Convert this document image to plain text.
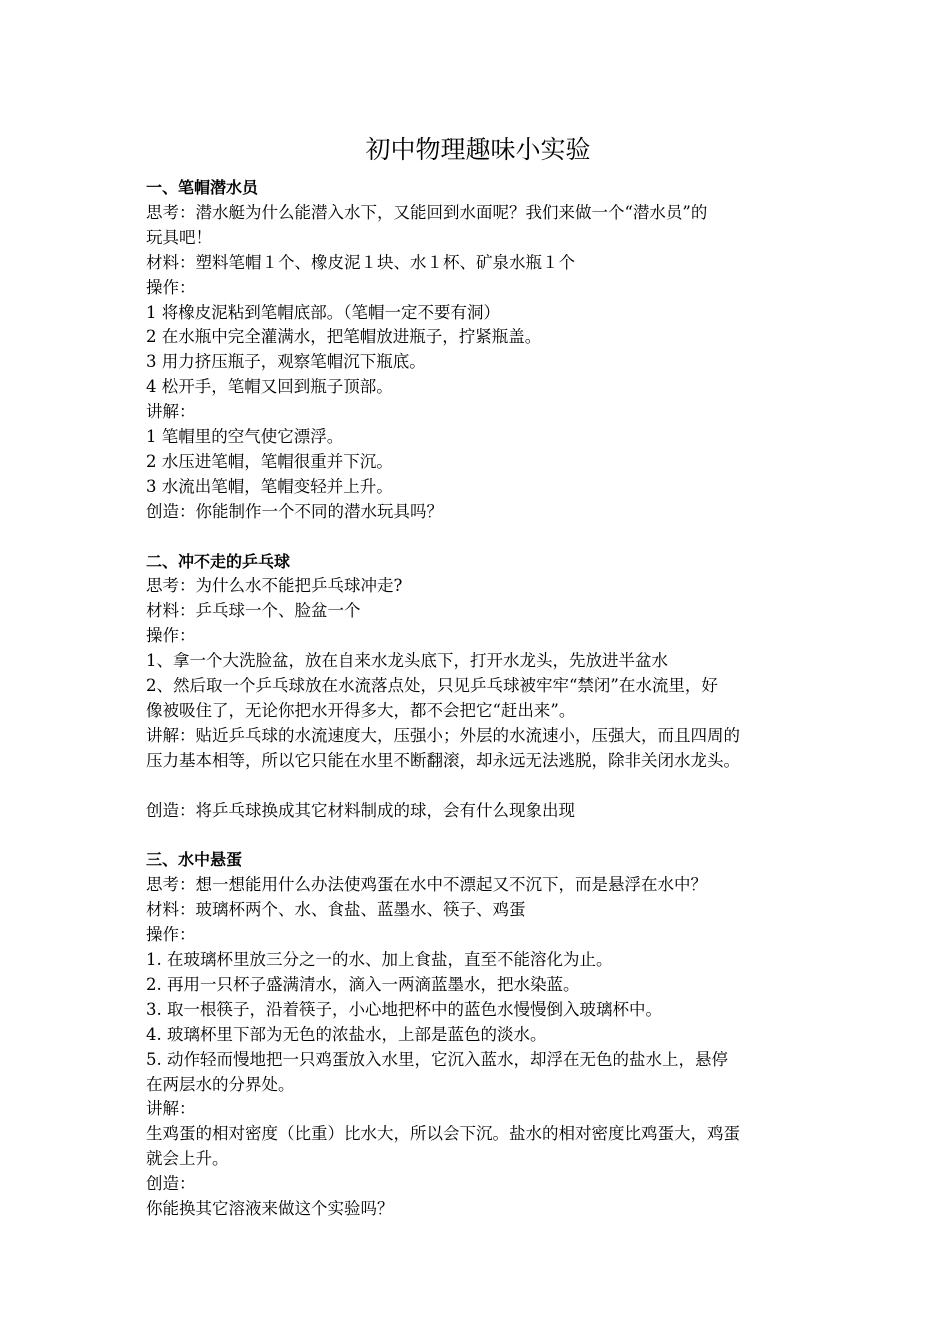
初中物理趣味小实验
一、笔帽潜水员
思考：潜水艇为什么能潜入水下，又能回到水面呢？我们来做一个“潜水员”的
玩具吧！
材料：塑料笔帽１个、橡皮泥１块、水１杯、矿泉水瓶１个
操作：
1 将橡皮泥粘到笔帽底部。（笔帽一定不要有洞）
2 在水瓶中完全灌满水，把笔帽放进瓶子，拧紧瓶盖。
3 用力挤压瓶子，观察笔帽沉下瓶底。
4 松开手，笔帽又回到瓶子顶部。
讲解：
1 笔帽里的空气使它漂浮。
2 水压进笔帽，笔帽很重并下沉。
3 水流出笔帽，笔帽变轻并上升。
创造：你能制作一个不同的潜水玩具吗？
二、冲不走的乒乓球
思考：为什么水不能把乒乓球冲走?
材料：乒乓球一个、脸盆一个
操作：
1、拿一个大洗脸盆，放在自来水龙头底下，打开水龙头，先放进半盆水
2、然后取一个乒乓球放在水流落点处，只见乒乓球被牢牢“禁闭”在水流里，好
像被吸住了，无论你把水开得多大，都不会把它“赶出来”。
讲解：贴近乒乓球的水流速度大，压强小；外层的水流速小，压强大，而且四周的
压力基本相等，所以它只能在水里不断翻滚，却永远无法逃脱，除非关闭水龙头。
创造：将乒乓球换成其它材料制成的球，会有什么现象出现
三、水中悬蛋
思考：想一想能用什么办法使鸡蛋在水中不漂起又不沉下，而是悬浮在水中？
材料：玻璃杯两个、水、食盐、蓝墨水、筷子、鸡蛋
操作：
1. 在玻璃杯里放三分之一的水、加上食盐，直至不能溶化为止。
2. 再用一只杯子盛满清水，滴入一两滴蓝墨水，把水染蓝。
3. 取一根筷子，沿着筷子，小心地把杯中的蓝色水慢慢倒入玻璃杯中。
4. 玻璃杯里下部为无色的浓盐水，上部是蓝色的淡水。
5. 动作轻而慢地把一只鸡蛋放入水里，它沉入蓝水，却浮在无色的盐水上，悬停
在两层水的分界处。
讲解：
生鸡蛋的相对密度（比重）比水大，所以会下沉。盐水的相对密度比鸡蛋大，鸡蛋
就会上升。
创造：
你能换其它溶液来做这个实验吗？
